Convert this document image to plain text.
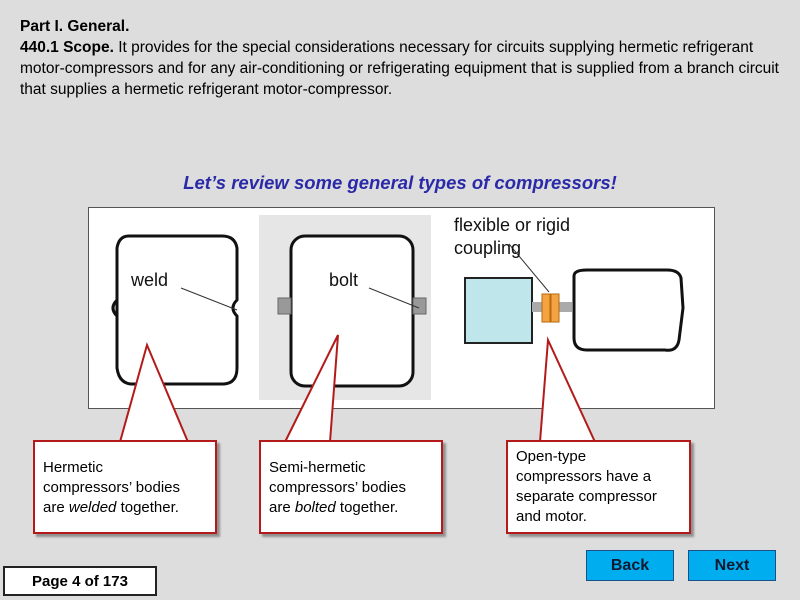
Part I. General.
440.1 Scope. It provides for the special considerations necessary for circuits supplying hermetic refrigerant motor-compressors and for any air-conditioning or refrigerating equipment that is supplied from a branch circuit that supplies a hermetic refrigerant motor-compressor.
Let’s review some general types of compressors!
weld	bolt
flexible or rigid
coupling
Hermetic
compressors’ bodies
are welded together.
Semi-hermetic
compressors’ bodies
are bolted together.
Open-type
compressors have a
separate compressor
and motor.
Page 4 of 173
Back	Next
